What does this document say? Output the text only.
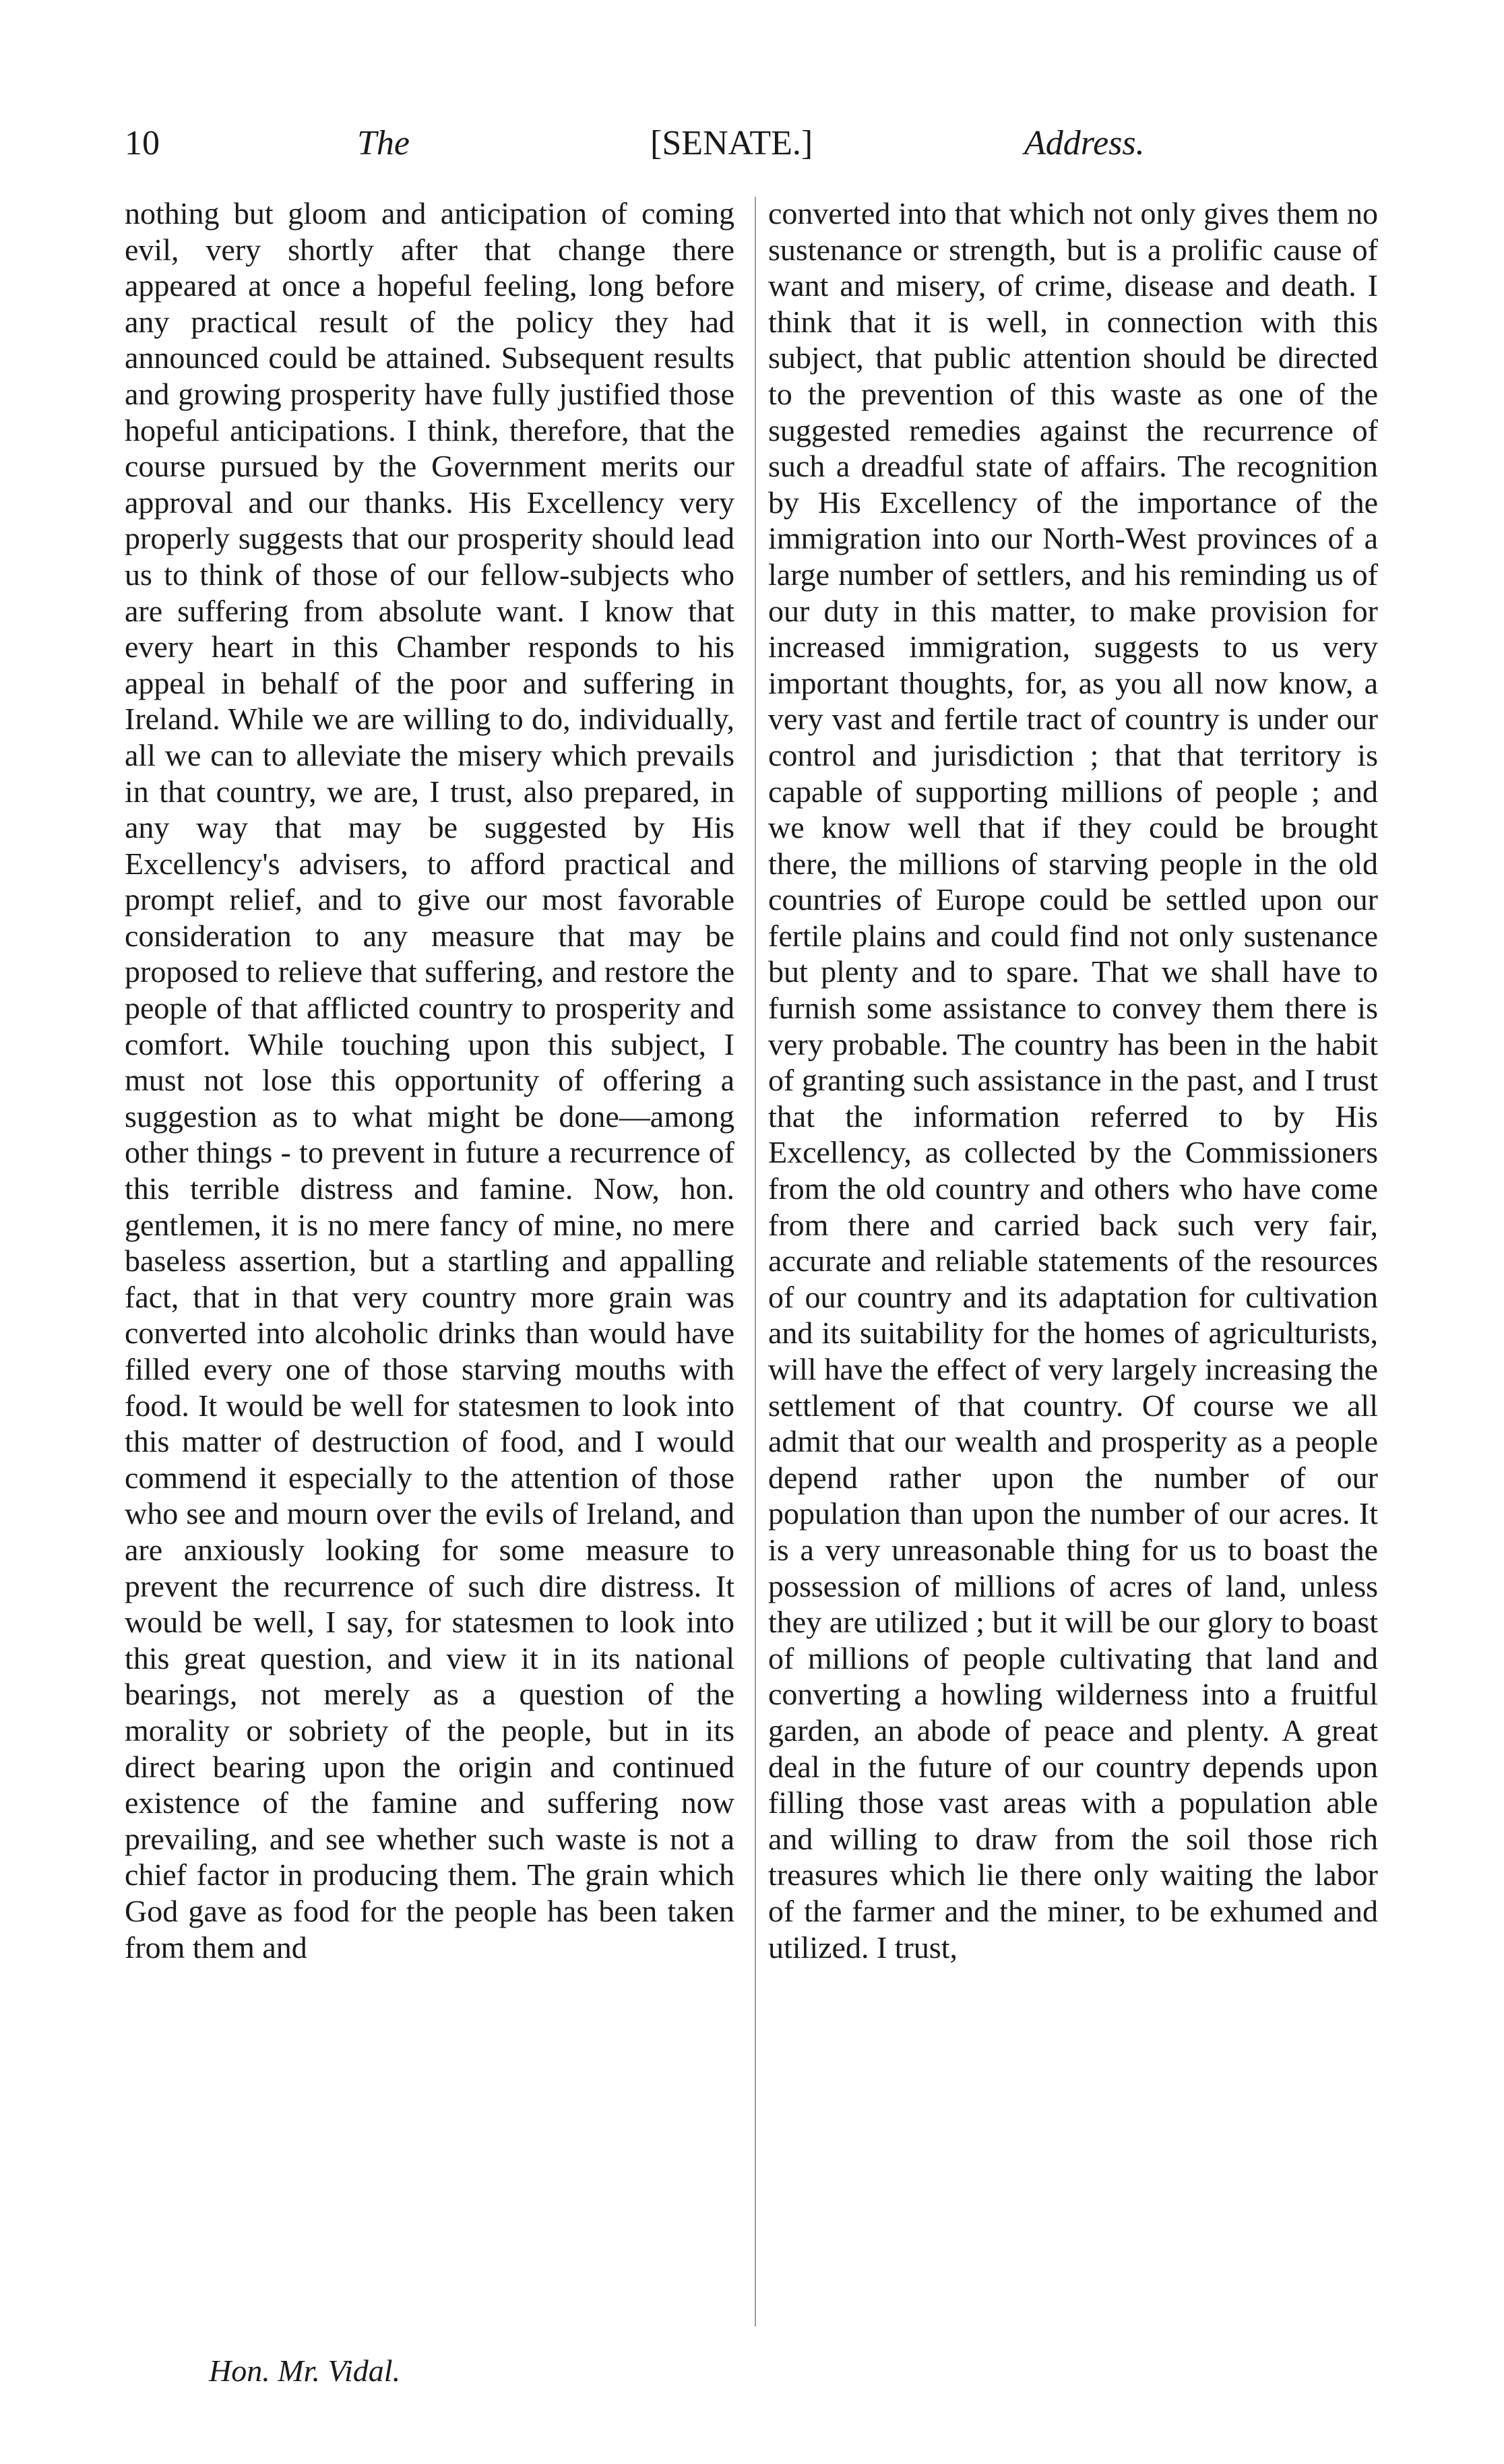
10	The	[SENATE.]	Address.
nothing but gloom and anticipation of coming evil, very shortly after that change there appeared at once a hopeful feeling, long before any practical result of the policy they had announced could be attained. Subsequent results and growing prosperity have fully justified those hopeful anticipations. I think, therefore, that the course pursued by the Government merits our approval and our thanks. His Excellency very properly suggests that our prosperity should lead us to think of those of our fellow-subjects who are suffering from absolute want. I know that every heart in this Chamber responds to his appeal in behalf of the poor and suffering in Ireland. While we are willing to do, individually, all we can to alleviate the misery which prevails in that country, we are, I trust, also prepared, in any way that may be suggested by His Excellency's advisers, to afford practical and prompt relief, and to give our most favorable consideration to any measure that may be proposed to relieve that suffering, and restore the people of that afflicted country to prosperity and comfort. While touching upon this subject, I must not lose this opportunity of offering a suggestion as to what might be done—among other things - to prevent in future a recurrence of this terrible distress and famine. Now, hon. gentlemen, it is no mere fancy of mine, no mere baseless assertion, but a startling and appalling fact, that in that very country more grain was converted into alcoholic drinks than would have filled every one of those starving mouths with food. It would be well for statesmen to look into this matter of destruction of food, and I would commend it especially to the attention of those who see and mourn over the evils of Ireland, and are anxiously looking for some measure to prevent the recurrence of such dire distress. It would be well, I say, for statesmen to look into this great question, and view it in its national bearings, not merely as a question of the morality or sobriety of the people, but in its direct bearing upon the origin and continued existence of the famine and suffering now prevailing, and see whether such waste is not a chief factor in producing them. The grain which God gave as food for the people has been taken from them and
converted into that which not only gives them no sustenance or strength, but is a prolific cause of want and misery, of crime, disease and death. I think that it is well, in connection with this subject, that public attention should be directed to the prevention of this waste as one of the suggested remedies against the recurrence of such a dreadful state of affairs. The recognition by His Excellency of the importance of the immigration into our North-West provinces of a large number of settlers, and his reminding us of our duty in this matter, to make provision for increased immigration, suggests to us very important thoughts, for, as you all now know, a very vast and fertile tract of country is under our control and jurisdiction ; that that territory is capable of supporting millions of people ; and we know well that if they could be brought there, the millions of starving people in the old countries of Europe could be settled upon our fertile plains and could find not only sustenance but plenty and to spare. That we shall have to furnish some assistance to convey them there is very probable. The country has been in the habit of granting such assistance in the past, and I trust that the information referred to by His Excellency, as collected by the Commissioners from the old country and others who have come from there and carried back such very fair, accurate and reliable statements of the resources of our country and its adaptation for cultivation and its suitability for the homes of agriculturists, will have the effect of very largely increasing the settlement of that country. Of course we all admit that our wealth and prosperity as a people depend rather upon the number of our population than upon the number of our acres. It is a very unreasonable thing for us to boast the possession of millions of acres of land, unless they are utilized ; but it will be our glory to boast of millions of people cultivating that land and converting a howling wilderness into a fruitful garden, an abode of peace and plenty. A great deal in the future of our country depends upon filling those vast areas with a population able and willing to draw from the soil those rich treasures which lie there only waiting the labor of the farmer and the miner, to be exhumed and utilized. I trust,
Hon. Mr. Vidal.
